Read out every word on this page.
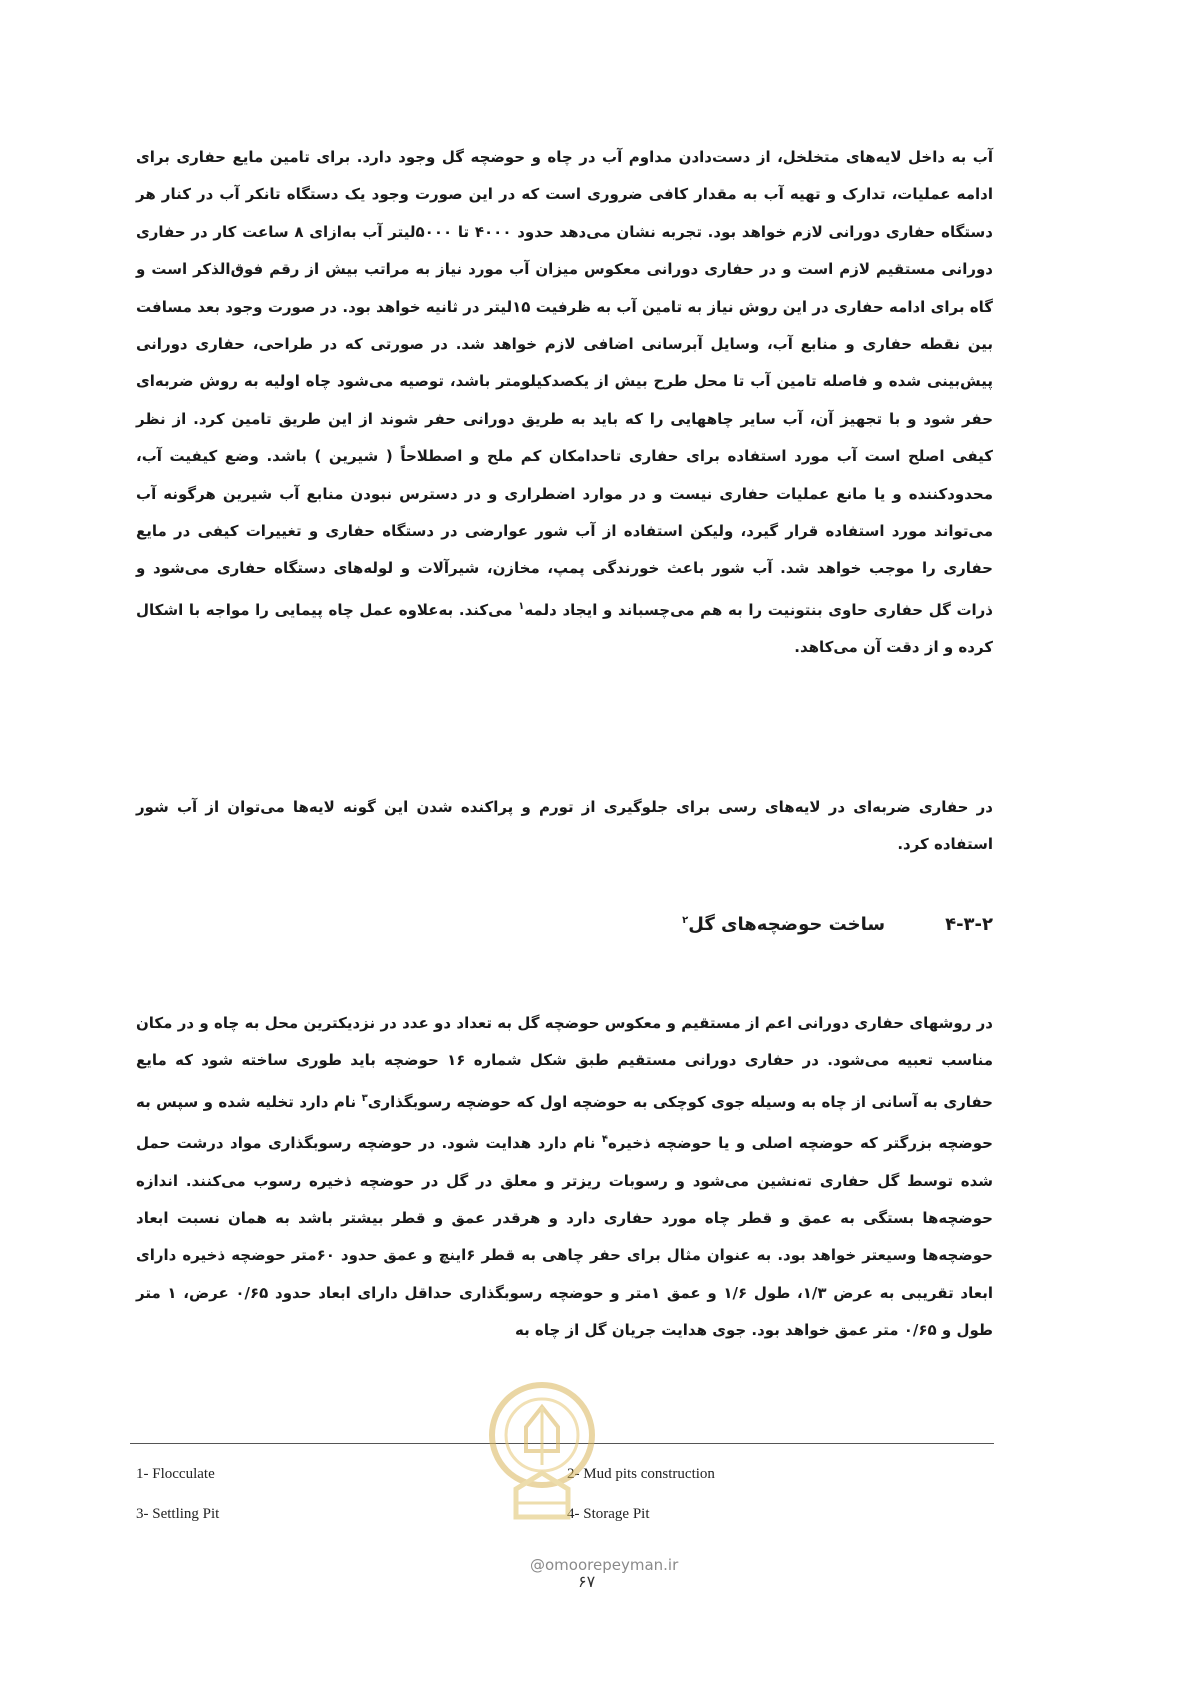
آب به داخل لایه‌های متخلخل، از دست‌دادن مداوم آب در چاه و حوضچه گل وجود دارد. برای تامین مایع حفاری برای ادامه عملیات، تدارک و تهیه آب به مقدار کافی ضروری است که در این صورت وجود یک دستگاه تانکر آب در کنار هر دستگاه حفاری دورانی لازم خواهد بود. تجربه نشان می‌دهد حدود ۴۰۰۰ تا ۵۰۰۰لیتر آب به‌ازای ۸ ساعت کار در حفاری دورانی مستقیم لازم است و در حفاری دورانی معکوس میزان آب مورد نیاز به مراتب بیش از رقم فوق‌الذکر است و گاه برای ادامه حفاری در این روش نیاز به تامین آب به ظرفیت ۱۵لیتر در ثانیه خواهد بود. در صورت وجود بعد مسافت بین نقطه حفاری و منابع آب، وسایل آبرسانی اضافی لازم خواهد شد. در صورتی که در طراحی، حفاری دورانی پیش‌بینی شده و فاصله تامین آب تا محل طرح بیش از یکصدکیلومتر باشد، توصیه می‌شود چاه اولیه به روش ضربه‌ای حفر شود و با تجهیز آن، آب سایر چاههایی را که باید به طریق دورانی حفر شوند از این طریق تامین کرد. از نظر کیفی اصلح است آب مورد استفاده برای حفاری تاحدامکان کم ملح و اصطلاحاً ( شیرین ) باشد. وضع کیفیت آب، محدودکننده و یا مانع عملیات حفاری نیست و در موارد اضطراری و در دسترس نبودن منابع آب شیرین هرگونه آب می‌تواند مورد استفاده قرار گیرد، ولیکن استفاده از آب شور عوارضی در دستگاه حفاری و تغییرات کیفی در مایع حفاری را موجب خواهد شد. آب شور باعث خورندگی پمپ، مخازن، شیرآلات و لوله‌های دستگاه حفاری می‌شود و ذرات گل حفاری حاوی بنتونیت را به هم می‌چسباند و ایجاد دلمه$^۱$ می‌کند. به‌علاوه عمل چاه پیمایی را مواجه با اشکال کرده و از دقت آن می‌کاهد.

در حفاری ضربه‌ای در لایه‌های رسی برای جلوگیری از تورم و پراکنده شدن این گونه لایه‌ها می‌توان از آب شور استفاده کرد.

۴-۳-۲
ساخت حوضچه‌های گل$^۲$

در روشهای حفاری دورانی اعم از مستقیم و معکوس حوضچه گل به تعداد دو عدد در نزدیکترین محل به چاه و در مکان مناسب تعبیه می‌شود. در حفاری دورانی مستقیم طبق شکل شماره ۱۶ حوضچه باید طوری ساخته شود که مایع حفاری به آسانی از چاه به وسیله جوی کوچکی به حوضچه اول که حوضچه رسوبگذاری$^۳$ نام دارد تخلیه شده و سپس به حوضچه بزرگتر که حوضچه اصلی و یا حوضچه ذخیره$^۴$ نام دارد هدایت شود. در حوضچه رسوبگذاری مواد درشت حمل شده توسط گل حفاری ته‌نشین می‌شود و رسوبات ریزتر و معلق در گل در حوضچه ذخیره رسوب می‌کنند. اندازه حوضچه‌ها بستگی به عمق و قطر چاه مورد حفاری دارد و هرقدر عمق و قطر بیشتر باشد به همان نسبت ابعاد حوضچه‌ها وسیعتر خواهد بود. به عنوان مثال برای حفر چاهی به قطر ۶اینچ و عمق حدود ۶۰متر حوضچه ذخیره دارای ابعاد تقریبی به عرض ۱/۳، طول ۱/۶ و عمق ۱متر و حوضچه رسوبگذاری حداقل دارای ابعاد حدود ۰/۶۵ عرض، ۱ متر طول و ۰/۶۵ متر عمق خواهد بود. جوی هدایت جریان گل از چاه به

1- Flocculate	2- Mud pits construction
3- Settling Pit	4- Storage Pit
@omoorepeyman.ir
۶۷
